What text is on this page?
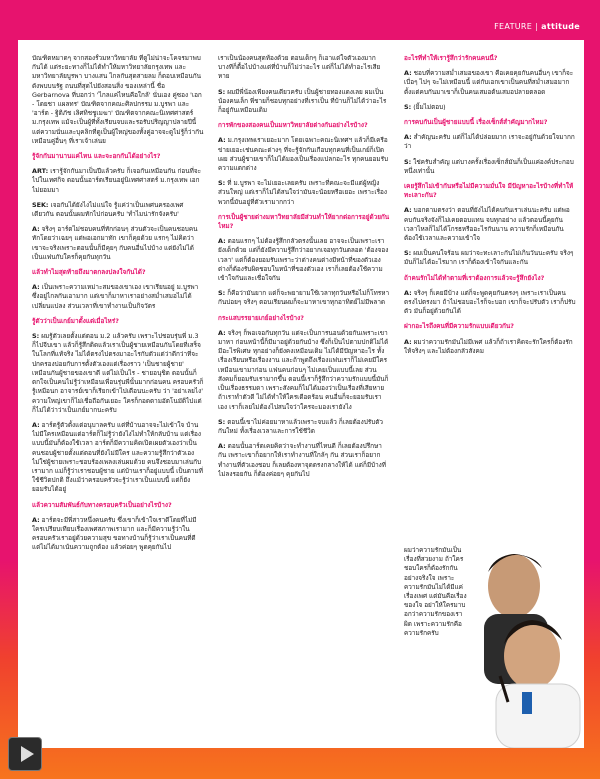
FEATURE | attitude

บัณฑิตหมาดๆ จากสองรั้วมหาวิทยาลัย ที่ดูไม่น่าจะโคจรมาพบกันได้ แต่ระยะทางก็ไม่ได้ทำให้มหาวิทยาลัยกรุงเทพ และมหาวิทยาลัยบูรพา บางแสน ไกลกันสุดสายลม ก็ตอบเหมือนกันดังพบบนรัฐ ถนนที่สุดไปยังสอนสิ่ง ของเหล่านี้ ชื่อ Gerbarnova ที่บอกว่า 'ไกลแค่ไหนคือใกล้' นั่นเอง คู่ซอง 'เอก - โดยชา แผลทร' บัณฑิตจากคณะศิลปกรรม ม.บูรพา และ 'อาร์ต - ฐิติภัช เลิศทิชชูเมฆา' บัณฑิตจากคณะนิเทศศาสตร์ ม.กรุงเทพ แม้จะเป็นผู้ที่ทั้งเรียนจบและรอรับปริญญาปลายปีนี้ แต่ความนั่นและบุคลิกที่ดูเป็นผู้ใหญ่ของทั้งคู่อาจจะดูไม่รู้ก็ว่ากันเหมือนคู่อื่นๆ ที่เราเจ้าเล่นย

รู้จักกันมานานแค่ไหน และจะอกกันได้อย่างไร?

ART: เรารู้จักกันมาเป็นปีแล้วครับ ก็เจอกันเหมือนกัน ก่อนที่จะไปในเทศกิจ ตอนนั้นอาร์ตเรียนอยู่นิเทศศาสตร์ ม.กรุงเทพ เอกไม่ยอมมา

SEK: เจอกันได้ยังไงไม่แน่ใจ รู้แค่ว่าเป็นเพศนครองเพศเดียวกัน ตอนนั้นผมทักไปก่อนครับ 'ทำไมน่ารักจังครับ'

A: จริงๆ อาร์ตไม่ชอบคนที่ทักก่อนๆ ส่วนตัวจะเป็นคนชอบคนทักโดยว่าเฉยๆ แต่พอเอกมาทัก เขาก็คุยด้วย แรกๆ ไม่คิดว่าเขาจะจริงเพราะตอนนั้นก็มีคุยๆ กับคนอื่นไปบ้าง แต่ยังไม่ได้เป็นแฟนกับใครก็คุยกันทุกวัน

แล้วทำไมสุดท้ายถึงมาตกลงปลงใจกันได้?

A: เป็นเพราะความเหม่าะสมของเขาเอง เขาเรียนอยู่ ม.บูรพา ซึ่งอยู่ไกลกันเอามาก แต่เขาก็มาหาเราอย่างสม่ำเสมอไม่ได้เปลี่ยนแปลง ส่วนเวลาที่เขาทำงานเป็นกิจวัตร

รู้ตัวว่าเป็นเกย์มาตั้งแต่เมื่อไหร่?

S: ผมรู้ตัวเลยตั้งแต่ตอน ม.2 แล้วครับ เพราะไปชอบรุ่นพี่ ม.3 ก็ไปจีบเขา แล้วก็รู้สึกติดแล้วเราเป็นผู้ชายเหมือนกันโดยที่เสร็จในโลกที่แท้จริง ไม่ได้ตรงไปตรงมาอะไรกับตัวแต่ว่าดีกว่าที่จะปกครองบ่อยกับการตั้งตัวเองแต่เรื่องราว 'เป็นชายผู้ชาย' เหมือนกันผู้ชายของเขาดี แต่ไม่เป็นไร - ชายอนุชิต ตอนนั้นก็ตกใจเป็นคนไม่รู้ว่าเหมือนเพื่อนรุ่นพี่นั้นมากก่อนคน ครอบครัวก็รู้เหมือนก อาจารย์เขาก็เรียกเข้าไปเตือนนะครับ ว่า 'อย่าเลยไง' ความใหญ่เขาก็ไม่เชื่อถือกันเยอะ ใครก็กอดตามอัตโนมัติไปแต่ก็ไม่ได้ว่าว่าเป็นเกย์มากนะครับ

A: อาร์ตรู้ตัวตั้งแต่อนุบาลครับ แต่ที่บ้านอาจจะไม่เข้าใจ บ้านไม่มีใครเหมือนแต่อาร์ตก็ไม่รู้ว่ายังไงไม่ทำให้กลับบ้าน แต่เรื่องแบบนี้มันก็ต้องใช้เวลา อาร์ตก็มีความคิดเปิดเผยตัวเองว่าเป็นคนชอบผู้ชายตั้งแต่ตอนที่ยังไม่มีใคร และความรู้สึกว่าตัวเองไม่ใช่ผู้ชายเพราะชอบร้องเพลงเล่นผมด้วย คนจึงชอบมาเล่นกับเรามาก แม่ก็รู้ว่าเราชอบผู้ชาย แต่บ้านเราก็อยู่แบบนี้ เป็นตามที่ใช้ชีวิตปกติ ถึงแม้ว่าครอบครัวจะรู้ว่าเราเป็นแบบนี้ แต่ก็ยังยอมรับได้อยู่

แล้วความสัมพันธ์กับทางครอบครัวเป็นอย่างไรบ้าง?

A: อาร์ตจะมีพี่สาวหนึ่งคนครับ ซึ่งเขาก็เข้าใจเราดีโดยที่ไม่มีใครเปรียบเทียบเรื่องเพศสภาพเรามาก และก็มีความรู้ว่าในครอบครัวเราอยู่ด้วยความสุข ขอทางบ้านก็รู้ว่าเราเป็นคนที่ดี แต่ไม่ได้มาเน้นความถูกต้อง แล้วค่อยๆ พูดคุยกันไป

เราเป็นน้องคนสุดท้องด้วย ตอนเด็กๆ ก็เอาแต่ใจตัวเองมาก บางทีก็ดื้อไปบ้างแต่ที่บ้านก็ไม่ว่าอะไร แต่ก็ไม่ได้ทำอะไรเสียหาย

S: ผมมีพี่น้องเพียงคนเดียวครับ เป็นผู้ชายทองแดงเลย ผมเป็นน้องคนเล็ก พี่ชายก็ชอบทุกอย่างที่เราเป็น ที่บ้านก็ไม่ได้ว่าอะไรก็อยู่กันเหมือนเดิม

การพักของสองคนเป็นมหาวิทยาลัยต่างกันอย่างไรบ้าง?

A: ม.กรุงเทพเราเยอะมาก โดยเฉพาะคณะนิเทศฯ แล้วก็มีเครือข่ายเยอะเช่นคณะต่างๆ ที่จะรู้จักกันเกือบทุกคนที่เป็นเกย์ก็เปิดเผย ส่วนผู้ชายเขาก็ไม่ได้มองเป็นเรื่องแปลกอะไร ทุกคนยอมรับความแตกต่าง

S: ที่ ม.บูรพา จะไม่เยอะเลยครับ เพราะที่คณะจะมีแต่ผู้หญิงส่วนใหญ่ แต่เราก็ไม่ได้สนใจว่ามันจะน้อยหรือเยอะ เพราะเรื่องพวกนี้มันอยู่ที่ตัวเรามากกว่า

การเป็นผู้ชายต่างมหาวิทยาลัยมีส่วนทำให้ยากต่อการอยู่ด้วยกันไหม?

A: ตอนแรกๆ ไม่ต้องรู้สึกกลัวตรงนั้นเลย อาจจะเป็นเพราะเรายังเด็กด้วย แต่ก็ยังมีความรู้สึกว่าอยากเจอทุกวันตลอด 'ต้องจองเวลา' แต่ก็ต้องยอมรับเพราะว่าต่างคนต่างมีหน้าที่ของตัวเอง ต่างก็ต้องรับผิดชอบในหน้าที่ของตัวเอง เราก็เลยต้องใช้ความเข้าใจกันและเชื่อใจกัน

S: ก็คือว่ามันยาก แต่ก็จะพยายามใช้เวลาทุกวันหรือไม่ก็โทรหากันบ่อยๆ จริงๆ ตอนเรียนผมก็จะมาหาเขาทุกอาทิตย์ไม่มีพลาด

กระแสบรรยายเกย์อย่างไรบ้าง?

A: จริงๆ ก็พอเจอกันทุกวัน แต่จะเป็นการนอนด้วยกันเพราะเขามาหา ก่อนหน้านี้ก็มีมาอยู่ด้วยกันบ้าง ซึ่งก็เป็นไปตามปกติไม่ได้มีอะไรพิเศษ ทุกอย่างก็ยังคงเหมือนเดิม ไม่ได้มีปัญหาอะไร ทั้งเรื่องเรียนหรือเรื่องงาน และถ้าพูดถึงเรื่องแฟนเราก็ไม่เคยมีใครเหมือนเขามาก่อน แฟนคนก่อนๆ ไม่เคยเป็นแบบนี้เลย ส่วนสังคมก็ยอมรับเรามากขึ้น ตอนนี้เราก็รู้สึกว่าความรักแบบนี้มันก็เป็นเรื่องธรรมดา เพราะสังคมก็ไม่ได้มองว่าเป็นเรื่องที่เสียหาย ถ้าเราทำตัวดี ไม่ได้ทำให้ใครเดือดร้อน คนอื่นก็จะยอมรับเราเอง เราก็เลยไม่ต้องไปสนใจว่าใครจะมองเรายังไง

S: ตอนนี้เขาไม่ค่อยมาหาแล้วเพราะจบแล้ว ก็เลยต้องปรับตัวกันใหม่ ทั้งเรื่องเวลาและการใช้ชีวิต

A: ตอนนั้นอาร์ตเคยคิดว่าจะทำงานที่ไหนดี ก็เลยต้องปรึกษากัน เพราะเขาก็อยากให้เราทำงานที่ใกล้ๆ กัน ส่วนเราก็อยากทำงานที่ตัวเองชอบ ก็เลยต้องหาจุดตรงกลางให้ได้ แต่ก็มีบ้างที่ไม่ลงรอยกัน ก็ต้องค่อยๆ คุยกันไป

อะไรที่ทำให้เรารู้สึกว่ารักคนคนนี้?

A: ชอบที่ความสม่ำเสมอของเขา คือเคยคุยกันคนอื่นๆ เขาก็จะเบื่อๆ ไปๆ จะไม่เหมือนนี้ แต่กับเอกเขาเป็นคนที่สม่ำเสมอมาก ตั้งแต่คบกันมาเขาก็เป็นคนเสมอต้นเสมอปลายตลอด

S: (ยิ้มไม่ตอบ)

การคบกันเป็นผู้ชายแบบนี้ เรื่องเซ็กส์สำคัญมากไหม?

A: สำคัญนะครับ แต่ก็ไม่ได้ปล่อยมาก เราจะอยู่กันด้วยใจมากกว่า

S: ใช่ครับสำคัญ แต่บางครั้งเรื่องเซ็กส์มันก็เป็นแค่องค์ประกอบหนึ่งเท่านั้น

เคยรู้สึกไม่เข้ากันหรือไม่มีความมั่นใจ มีปัญหาอะไรบ้างที่ทำให้ทะเลาะกัน?

A: บอกตามตรงว่า ตอนที่ยังไม่ได้คบกันเราเล่นนะครับ แต่พอคบกันจริงจังก็ไม่เคยตอบแทน จบทุกอย่าง แล้วตอนนี้คุยกัน เวลาไหลก็ไม่ได้โกรธหรืออะไรกันนาน ความรักก็เหมือนกัน ต้องใช้เวลาและความเข้าใจ

S: ผมเป็นคนใจร้อน ผมว่าจะทะเลาะกันไม่เกินวันนะครับ จริงๆ มันก็ไม่ได้อะไรมาก เราก็ต้องเข้าใจกันและกัน

ถ้าคนรักไม่ได้ทำตามที่เราต้องการแล้วจะรู้สึกยังไง?

A: จริงๆ ก็เคยมีบ้าง แต่ก็จะพูดคุยกันตรงๆ เพราะเราเป็นคนตรงไปตรงมา ถ้าไม่ชอบอะไรก็จะบอก เขาก็จะปรับตัว เราก็ปรับตัว มันก็อยู่ด้วยกันได้

ฝากอะไรถึงคนที่มีความรักแบบเดียวกัน?

A: ผมว่าความรักมันไม่มีเพศ แล้วก็ถ้าเราคิดจะรักใครก็ต้องรักให้จริงๆ และไม่ต้องกลัวสังคม

ผมว่าความรักมันเป็นเรื่องที่สวยงาม ถ้าใครชอบใครก็ต้องรักกันอย่างจริงใจ เพราะความรักมันไม่ได้มีแค่เรื่องเพศ แต่มันคือเรื่องของใจ อย่าให้ใครมาบอกว่าความรักของเราผิด เพราะความรักคือความรักครับ
